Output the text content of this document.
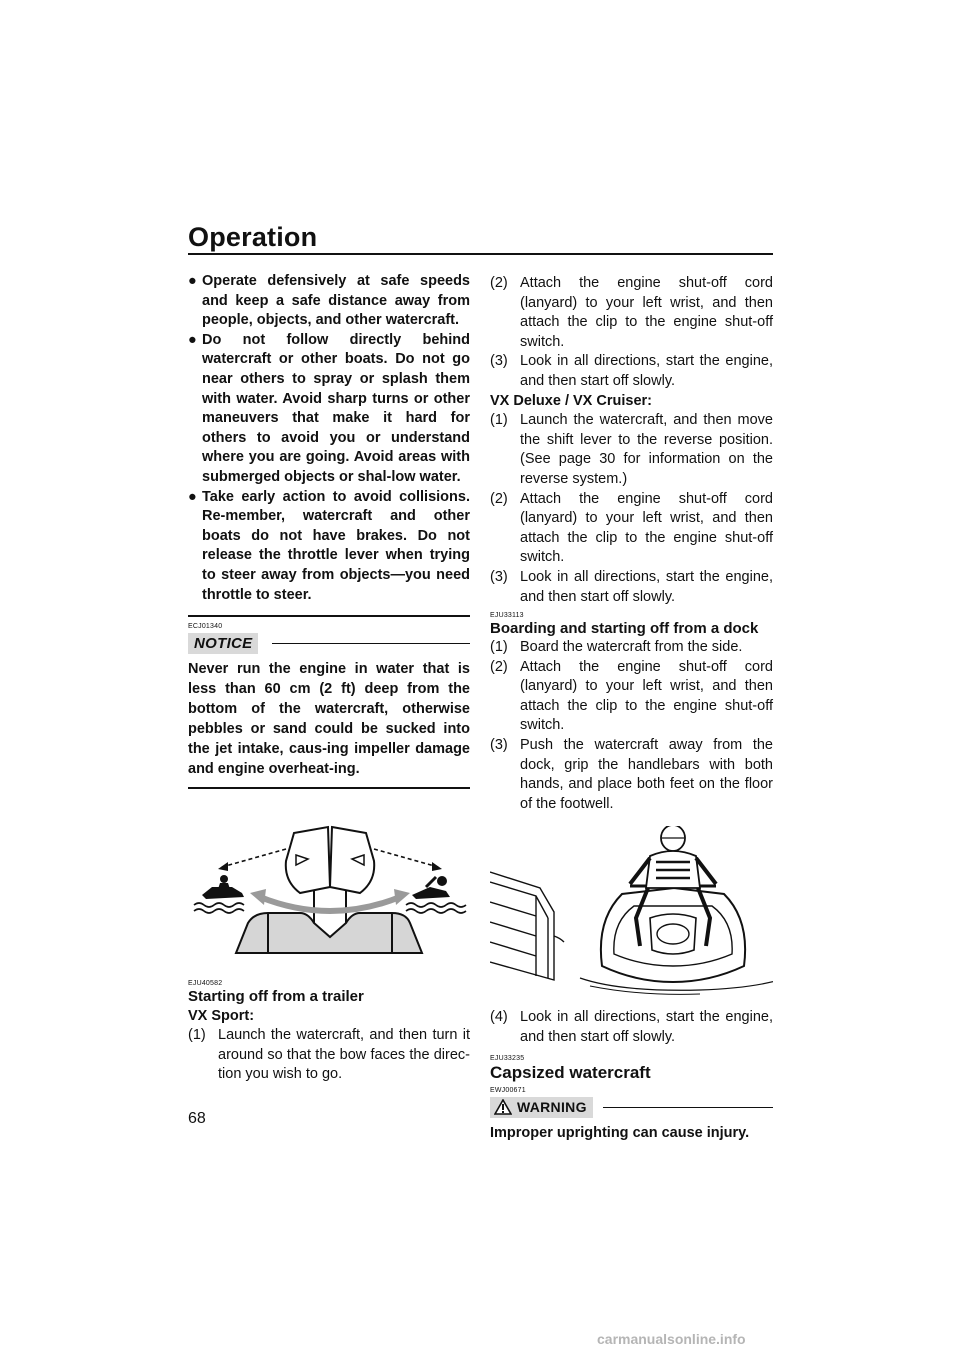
Operation

● Operate defensively at safe speeds and keep a safe distance away from people, objects, and other watercraft.

● Do not follow directly behind watercraft or other boats. Do not go near others to spray or splash them with water. Avoid sharp turns or other maneuvers that make it hard for others to avoid you or understand where you are going. Avoid areas with submerged objects or shal-low water.

● Take early action to avoid collisions. Re-member, watercraft and other boats do not have brakes. Do not release the throttle lever when trying to steer away from objects—you need throttle to steer.

ECJ01340
NOTICE

Never run the engine in water that is less than 60 cm (2 ft) deep from the bottom of the watercraft, otherwise pebbles or sand could be sucked into the jet intake, caus-ing impeller damage and engine overheat-ing.

EJU40582
Starting off from a trailer
VX Sport:

(1) Launch the watercraft, and then turn it around so that the bow faces the direc-tion you wish to go.

(2) Attach the engine shut-off cord (lanyard) to your left wrist, and then attach the clip to the engine shut-off switch.

(3) Look in all directions, start the engine, and then start off slowly.

VX Deluxe / VX Cruiser:

(1) Launch the watercraft, and then move the shift lever to the reverse position. (See page 30 for information on the reverse system.)

(2) Attach the engine shut-off cord (lanyard) to your left wrist, and then attach the clip to the engine shut-off switch.

(3) Look in all directions, start the engine, and then start off slowly.

EJU33113
Boarding and starting off from a dock

(1) Board the watercraft from the side.

(2) Attach the engine shut-off cord (lanyard) to your left wrist, and then attach the clip to the engine shut-off switch.

(3) Push the watercraft away from the dock, grip the handlebars with both hands, and place both feet on the floor of the footwell.

(4) Look in all directions, start the engine, and then start off slowly.

EJU33235
Capsized watercraft
EWJ00671
WARNING

Improper uprighting can cause injury.

68
carmanualsonline.info
